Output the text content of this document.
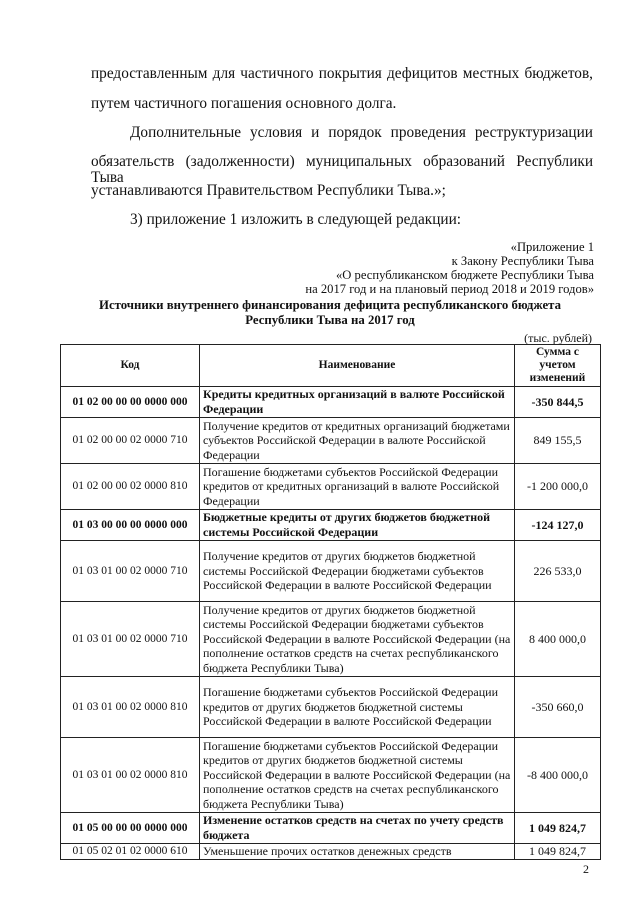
предоставленным для частичного покрытия дефицитов местных бюджетов,

путем частичного погашения основного долга.

Дополнительные условия и порядок проведения реструктуризации

обязательств (задолженности) муниципальных образований Республики Тыва

устанавливаются Правительством Республики Тыва.»;

3) приложение 1 изложить в следующей редакции:

«Приложение 1

к Закону Республики Тыва

«О республиканском бюджете Республики Тыва

на 2017 год и на плановый период 2018 и 2019 годов»

Источники внутреннего финансирования дефицита республиканского бюджета
Республики Тыва на 2017 год

(тыс. рублей)

Код	Наименование	Сумма с учетом изменений
01 02 00 00 00 0000 000	Кредиты кредитных организаций в валюте Российской Федерации	-350 844,5
01 02 00 00 02 0000 710	Получение кредитов от кредитных организаций бюджетами субъектов Российской Федерации в валюте Российской Федерации	849 155,5
01 02 00 00 02 0000 810	Погашение бюджетами субъектов Российской Федерации кредитов от кредитных организаций в валюте Российской Федерации	-1 200 000,0
01 03 00 00 00 0000 000	Бюджетные кредиты от других бюджетов бюджетной системы Российской Федерации	-124 127,0
01 03 01 00 02 0000 710	Получение кредитов от других бюджетов бюджетной системы Российской Федерации бюджетами субъектов Российской Федерации в валюте Российской Федерации	226 533,0
01 03 01 00 02 0000 710	Получение кредитов от других бюджетов бюджетной системы Российской Федерации бюджетами субъектов Российской Федерации в валюте Российской Федерации (на пополнение остатков средств на счетах республиканского бюджета Республики Тыва)	8 400 000,0
01 03 01 00 02 0000 810	Погашение бюджетами субъектов Российской Федерации кредитов от других бюджетов бюджетной системы Российской Федерации в валюте Российской Федерации	-350 660,0
01 03 01 00 02 0000 810	Погашение бюджетами субъектов Российской Федерации кредитов от других бюджетов бюджетной системы Российской Федерации в валюте Российской Федерации (на пополнение остатков средств на счетах республиканского бюджета Республики Тыва)	-8 400 000,0
01 05 00 00 00 0000 000	Изменение остатков средств на счетах по учету средств бюджета	1 049 824,7
01 05 02 01 02 0000 610	Уменьшение прочих остатков денежных средств	1 049 824,7

2
